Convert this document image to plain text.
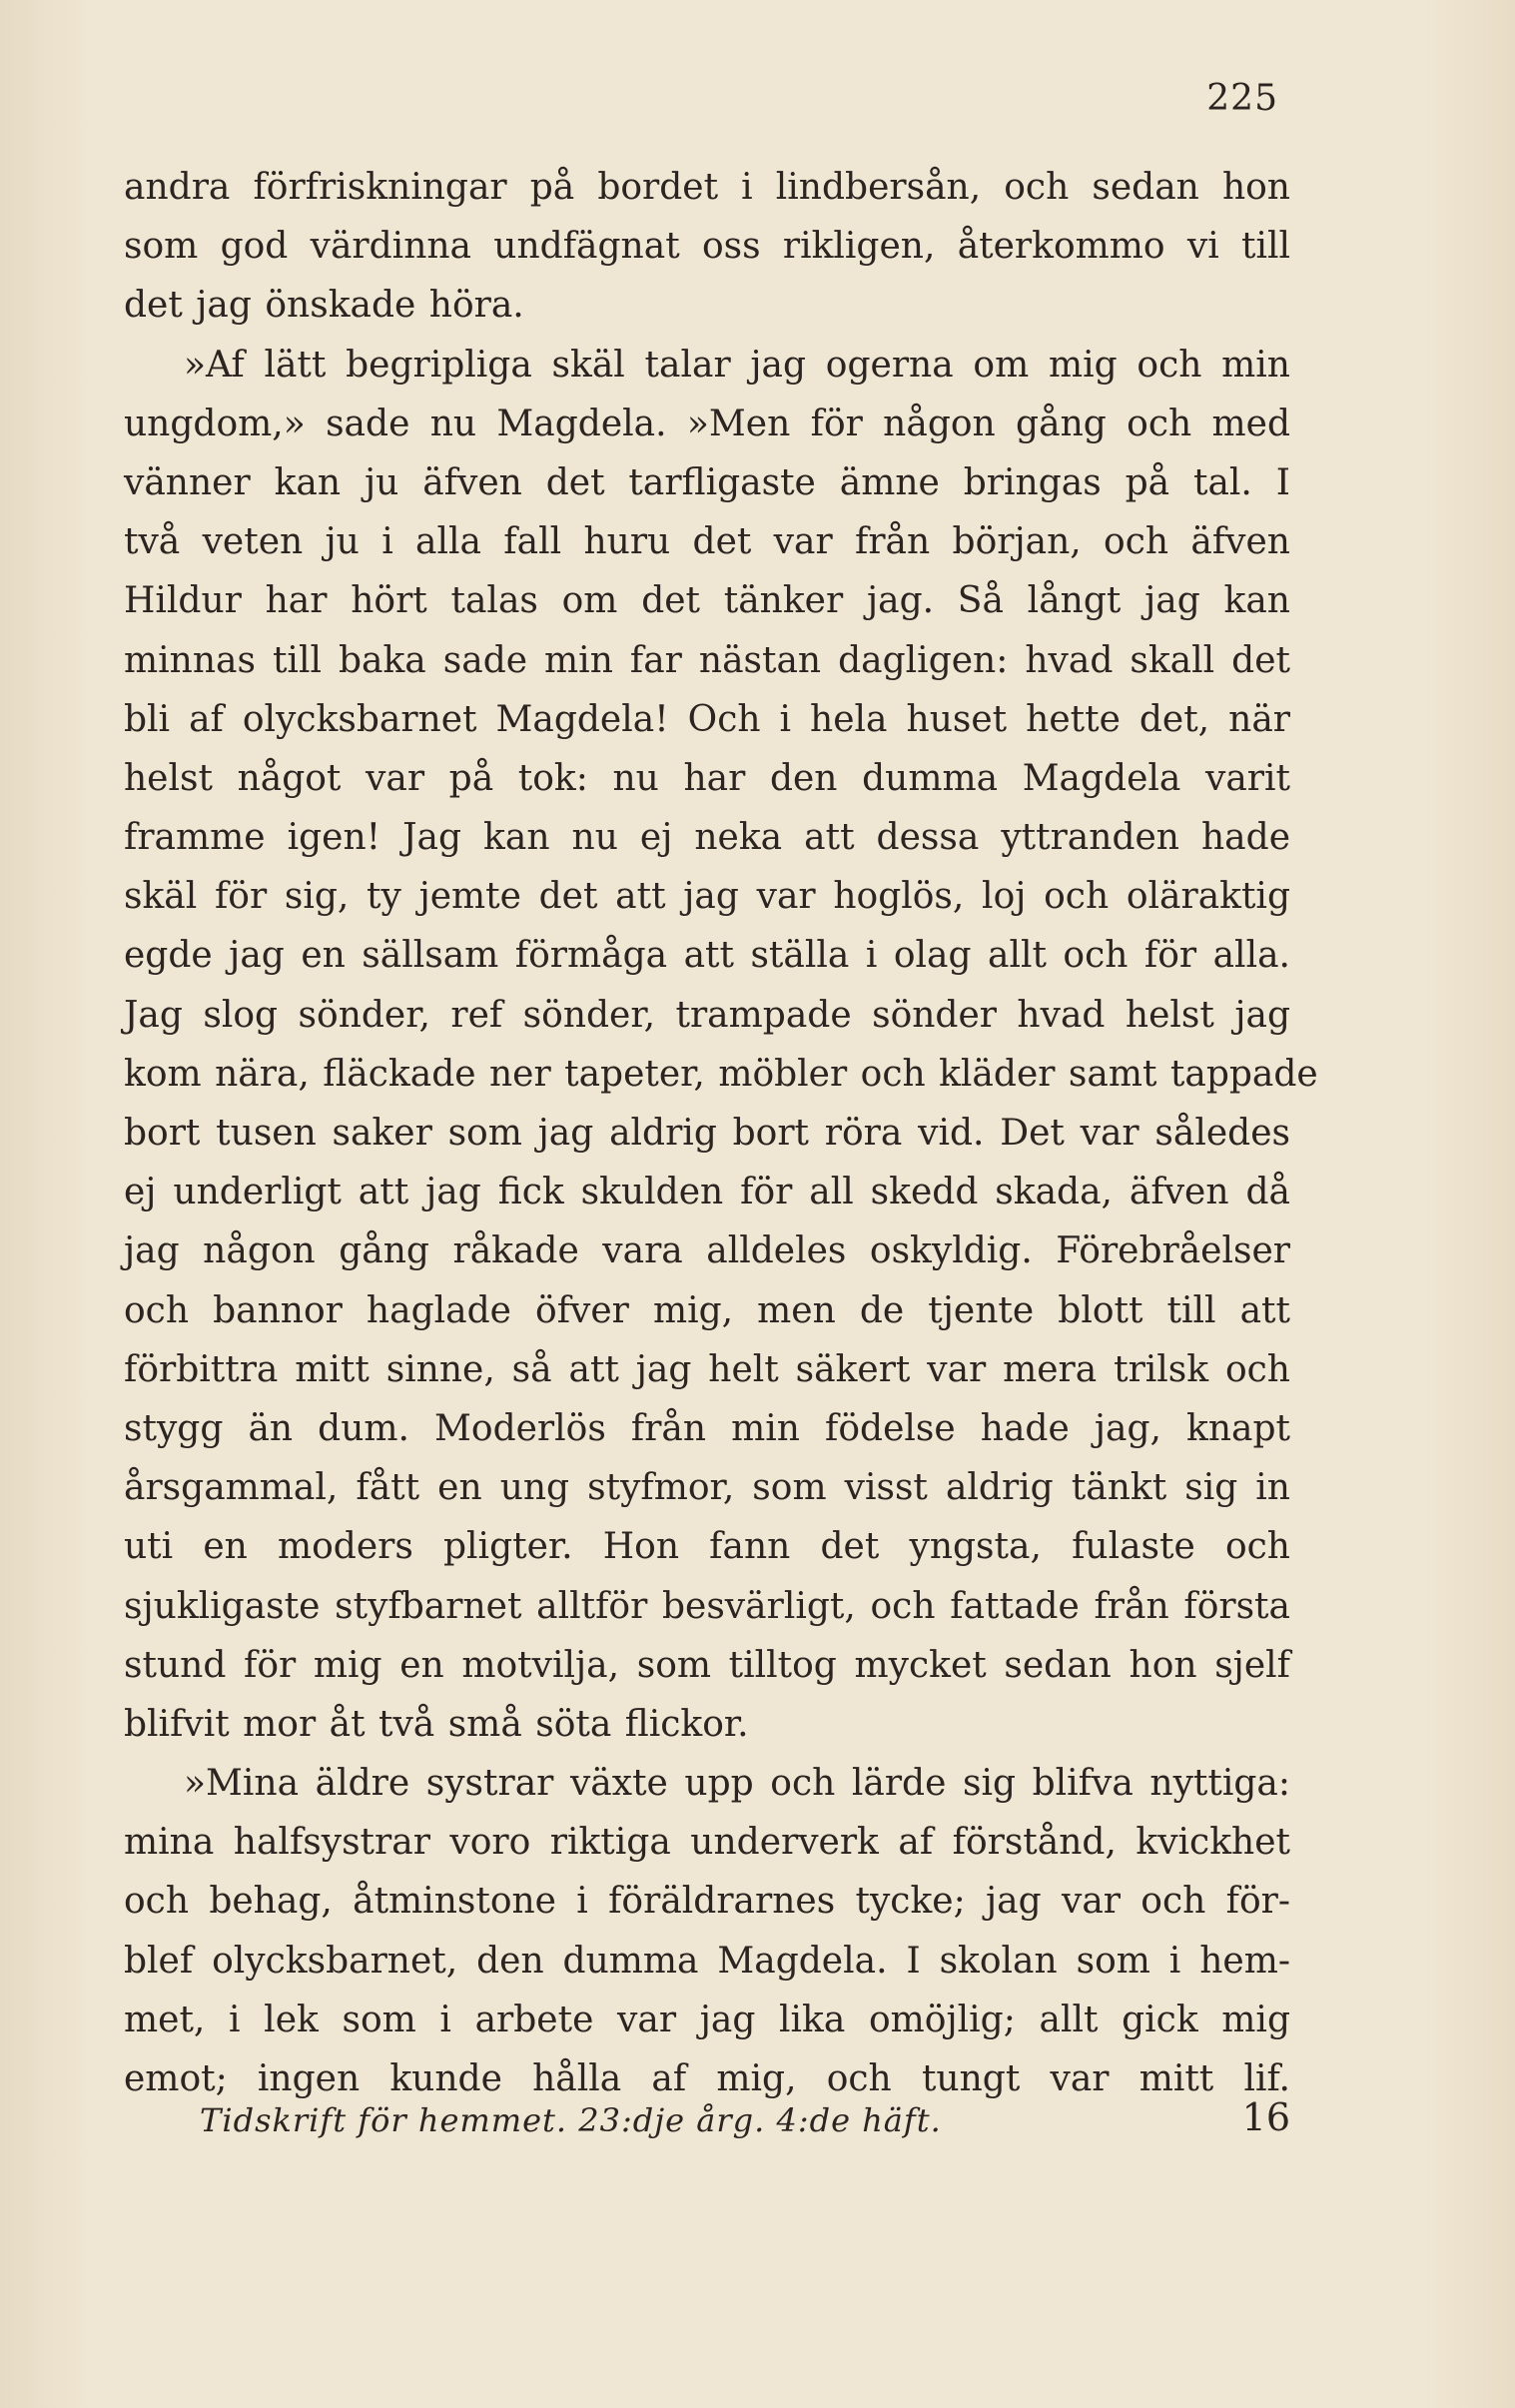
225
andra förfriskningar på bordet i lindbersån, och sedan hon
som god värdinna undfägnat oss rikligen, återkommo vi till
det jag önskade höra.
»Af lätt begripliga skäl talar jag ogerna om mig och min
ungdom,» sade nu Magdela. »Men för någon gång och med
vänner kan ju äfven det tarfligaste ämne bringas på tal. I
två veten ju i alla fall huru det var från början, och äfven
Hildur har hört talas om det tänker jag. Så långt jag kan
minnas till baka sade min far nästan dagligen: hvad skall det
bli af olycksbarnet Magdela! Och i hela huset hette det, när
helst något var på tok: nu har den dumma Magdela varit
framme igen! Jag kan nu ej neka att dessa yttranden hade
skäl för sig, ty jemte det att jag var hoglös, loj och oläraktig
egde jag en sällsam förmåga att ställa i olag allt och för alla.
Jag slog sönder, ref sönder, trampade sönder hvad helst jag
kom nära, fläckade ner tapeter, möbler och kläder samt tappade
bort tusen saker som jag aldrig bort röra vid. Det var således
ej underligt att jag fick skulden för all skedd skada, äfven då
jag någon gång råkade vara alldeles oskyldig. Förebråelser
och bannor haglade öfver mig, men de tjente blott till att
förbittra mitt sinne, så att jag helt säkert var mera trilsk och
stygg än dum. Moderlös från min födelse hade jag, knapt
årsgammal, fått en ung styfmor, som visst aldrig tänkt sig in
uti en moders pligter. Hon fann det yngsta, fulaste och
sjukligaste styfbarnet alltför besvärligt, och fattade från första
stund för mig en motvilja, som tilltog mycket sedan hon sjelf
blifvit mor åt två små söta flickor.
»Mina äldre systrar växte upp och lärde sig blifva nyttiga:
mina halfsystrar voro riktiga underverk af förstånd, kvickhet
och behag, åtminstone i föräldrarnes tycke; jag var och för-
blef olycksbarnet, den dumma Magdela. I skolan som i hem-
met, i lek som i arbete var jag lika omöjlig; allt gick mig
emot; ingen kunde hålla af mig, och tungt var mitt lif.
Tidskrift för hemmet. 23:dje årg. 4:de häft.	16
